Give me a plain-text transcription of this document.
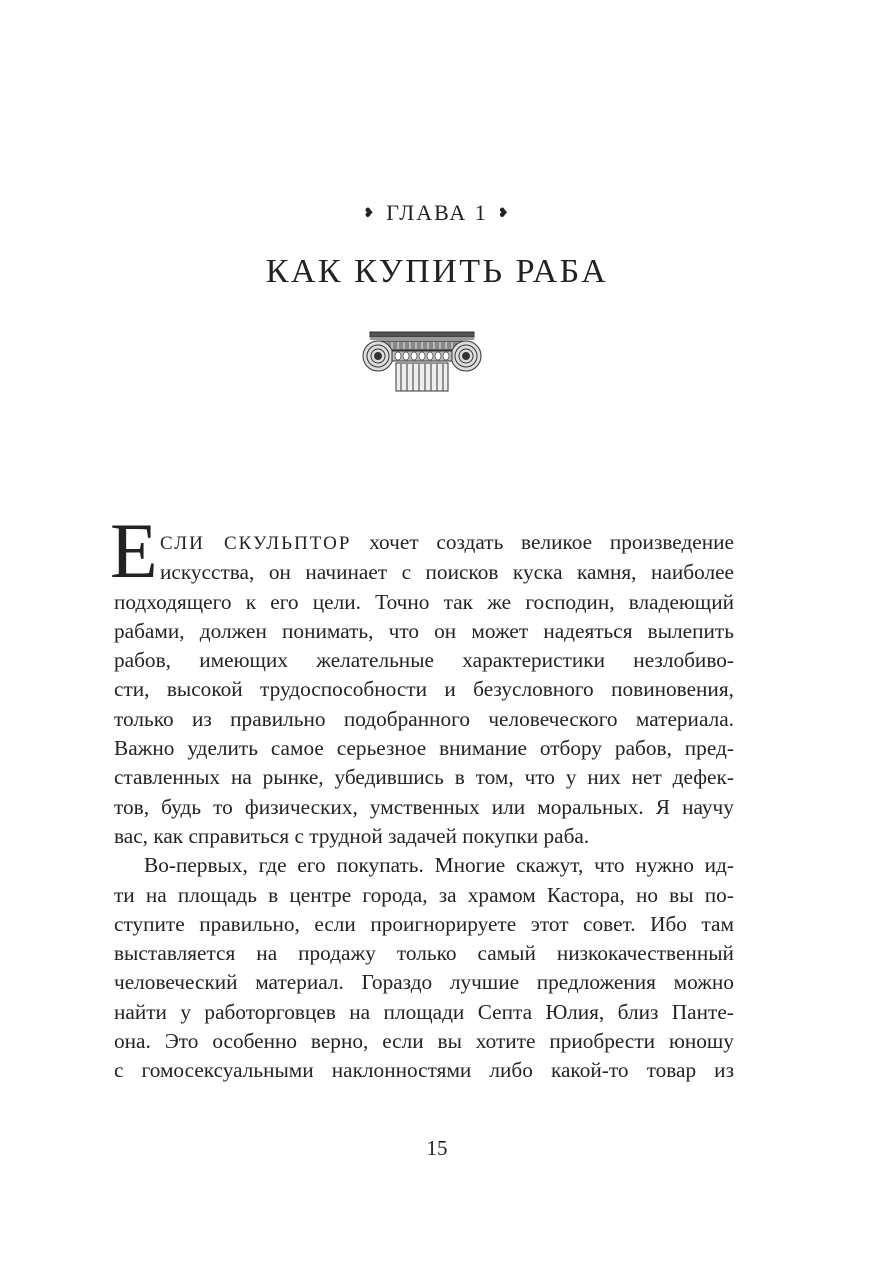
❥ ГЛАВА 1 ❥
КАК КУПИТЬ РАБА
Е СЛИ СКУЛЬПТОР хочет создать великое произведение
искусства, он начинает с поисков куска камня, наиболее
подходящего к его цели. Точно так же господин, владеющий
рабами, должен понимать, что он может надеяться вылепить
рабов, имеющих желательные характеристики незлобиво-
сти, высокой трудоспособности и безусловного повиновения,
только из правильно подобранного человеческого материала.
Важно уделить самое серьезное внимание отбору рабов, пред-
ставленных на рынке, убедившись в том, что у них нет дефек-
тов, будь то физических, умственных или моральных. Я научу
вас, как справиться с трудной задачей покупки раба.
Во-первых, где его покупать. Многие скажут, что нужно ид-
ти на площадь в центре города, за храмом Кастора, но вы по-
ступите правильно, если проигнорируете этот совет. Ибо там
выставляется на продажу только самый низкокачественный
человеческий материал. Гораздо лучшие предложения можно
найти у работорговцев на площади Септа Юлия, близ Панте-
она. Это особенно верно, если вы хотите приобрести юношу
с гомосексуальными наклонностями либо какой-то товар из
15
